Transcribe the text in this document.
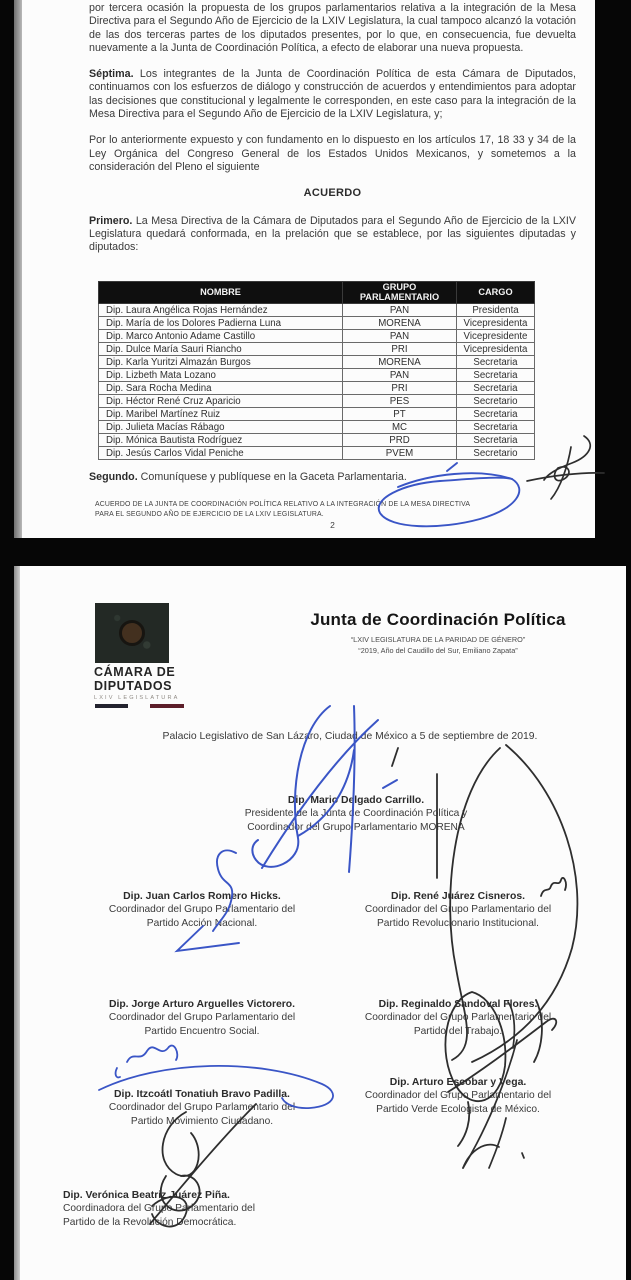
por tercera ocasión la propuesta de los grupos parlamentarios relativa a la integración de la Mesa Directiva para el Segundo Año de Ejercicio de la LXIV Legislatura, la cual tampoco alcanzó la votación de las dos terceras partes de los diputados presentes, por lo que, en consecuencia, fue devuelta nuevamente a la Junta de Coordinación Política, a efecto de elaborar una nueva propuesta.

Séptima. Los integrantes de la Junta de Coordinación Política de esta Cámara de Diputados, continuamos con los esfuerzos de diálogo y construcción de acuerdos y entendimientos para adoptar las decisiones que constitucional y legalmente le corresponden, en este caso para la integración de la Mesa Directiva para el Segundo Año de Ejercicio de la LXIV Legislatura, y;

Por lo anteriormente expuesto y con fundamento en lo dispuesto en los artículos 17, 18 33 y 34 de la Ley Orgánica del Congreso General de los Estados Unidos Mexicanos, y sometemos a la consideración del Pleno el siguiente

ACUERDO

Primero. La Mesa Directiva de la Cámara de Diputados para el Segundo Año de Ejercicio de la LXIV Legislatura quedará conformada, en la prelación que se establece, por las siguientes diputadas y diputados:

NOMBRE	GRUPO PARLAMENTARIO	CARGO
Dip. Laura Angélica Rojas Hernández	PAN	Presidenta
Dip. María de los Dolores Padierna Luna	MORENA	Vicepresidenta
Dip. Marco Antonio Adame Castillo	PAN	Vicepresidente
Dip. Dulce María Sauri Riancho	PRI	Vicepresidenta
Dip. Karla Yuritzi Almazán Burgos	MORENA	Secretaria
Dip. Lizbeth Mata Lozano	PAN	Secretaria
Dip. Sara Rocha Medina	PRI	Secretaria
Dip. Héctor René Cruz Aparicio	PES	Secretario
Dip. Maribel Martínez Ruiz	PT	Secretaria
Dip. Julieta Macías Rábago	MC	Secretaria
Dip. Mónica Bautista Rodríguez	PRD	Secretaria
Dip. Jesús Carlos Vidal Peniche	PVEM	Secretario
Segundo. Comuníquese y publíquese en la Gaceta Parlamentaria.
ACUERDO DE LA JUNTA DE COORDINACIÓN POLÍTICA RELATIVO A LA INTEGRACIÓN DE LA MESA DIRECTIVA
PARA EL SEGUNDO AÑO DE EJERCICIO DE LA LXIV LEGISLATURA.
2
CÁMARA DE
DIPUTADOS
LXIV LEGISLATURA
Junta de Coordinación Política
“LXIV LEGISLATURA DE LA PARIDAD DE GÉNERO”
“2019, Año del Caudillo del Sur, Emiliano Zapata”
Palacio Legislativo de San Lázaro, Ciudad de México a 5 de septiembre de 2019.
Dip. Mario Delgado Carrillo.
Presidente de la Junta de Coordinación Política y
Coordinador del Grupo Parlamentario MORENA
Dip. Juan Carlos Romero Hicks.
Coordinador del Grupo Parlamentario del
Partido Acción Nacional.
Dip. René Juárez Cisneros.
Coordinador del Grupo Parlamentario del
Partido Revolucionario Institucional.
Dip. Jorge Arturo Arguelles Victorero.
Coordinador del Grupo Parlamentario del
Partido Encuentro Social.
Dip. Reginaldo Sandoval Flores.
Coordinador del Grupo Parlamentario del
Partido del Trabajo.
Dip. Arturo Escobar y Vega.
Coordinador del Grupo Parlamentario del
Partido Verde Ecologista de México.
Dip. Itzcoátl Tonatiuh Bravo Padilla.
Coordinador del Grupo Parlamentario del
Partido Movimiento Ciudadano.
Dip. Verónica Beatriz Juárez Piña.
Coordinadora del Grupo Parlamentario del
Partido de la Revolución Democrática.
